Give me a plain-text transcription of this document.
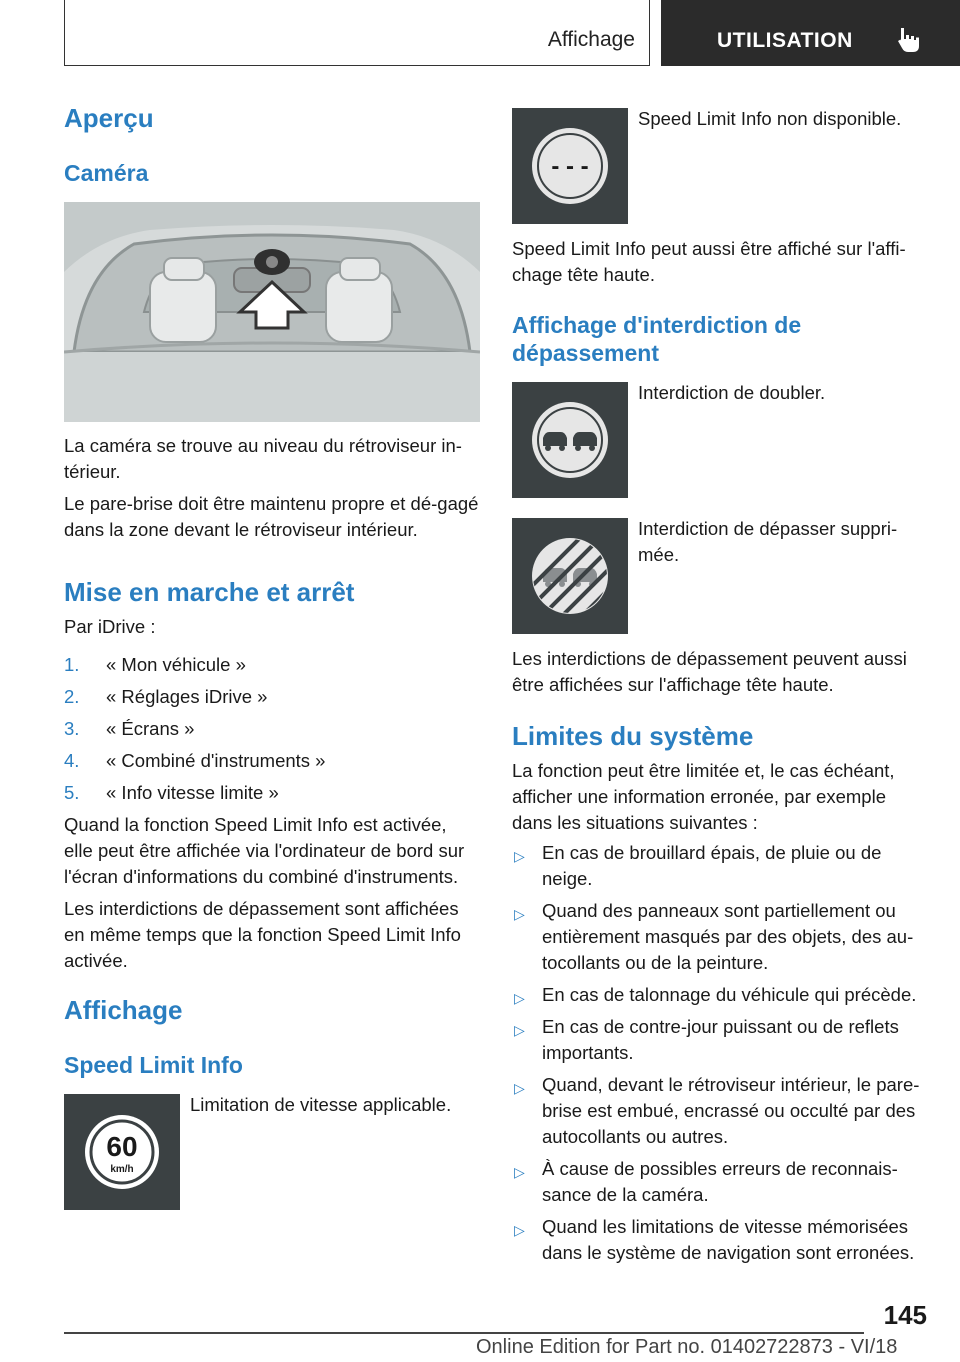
Affichage	UTILISATION
Aperçu
Caméra

La caméra se trouve au niveau du rétroviseur in‐térieur.

Le pare-brise doit être maintenu propre et dé‐gagé dans la zone devant le rétroviseur intérieur.

Mise en marche et arrêt

Par iDrive :

1. « Mon véhicule »
2. « Réglages iDrive »
3. « Écrans »
4. « Combiné d'instruments »
5. « Info vitesse limite »

Quand la fonction Speed Limit Info est activée, elle peut être affichée via l'ordinateur de bord sur l'écran d'informations du combiné d'instruments.

Les interdictions de dépassement sont affichées en même temps que la fonction Speed Limit Info activée.

Affichage
Speed Limit Info
60
km/h

Limitation de vitesse applicable.

- - -

Speed Limit Info non disponible.

Speed Limit Info peut aussi être affiché sur l'affi‐chage tête haute.

Affichage d'interdiction de dépassement

Interdiction de doubler.

Interdiction de dépasser suppri‐mée.

Les interdictions de dépassement peuvent aussi être affichées sur l'affichage tête haute.

Limites du système

La fonction peut être limitée et, le cas échéant, afficher une information erronée, par exemple dans les situations suivantes :

▷ En cas de brouillard épais, de pluie ou de neige.
▷ Quand des panneaux sont partiellement ou entièrement masqués par des objets, des au‐tocollants ou de la peinture.
▷ En cas de talonnage du véhicule qui précède.
▷ En cas de contre-jour puissant ou de reflets importants.
▷ Quand, devant le rétroviseur intérieur, le pare-brise est embué, encrassé ou occulté par des autocollants ou autres.
▷ À cause de possibles erreurs de reconnais‐sance de la caméra.
▷ Quand les limitations de vitesse mémorisées dans le système de navigation sont erronées.
145
Online Edition for Part no. 01402722873 - VI/18
